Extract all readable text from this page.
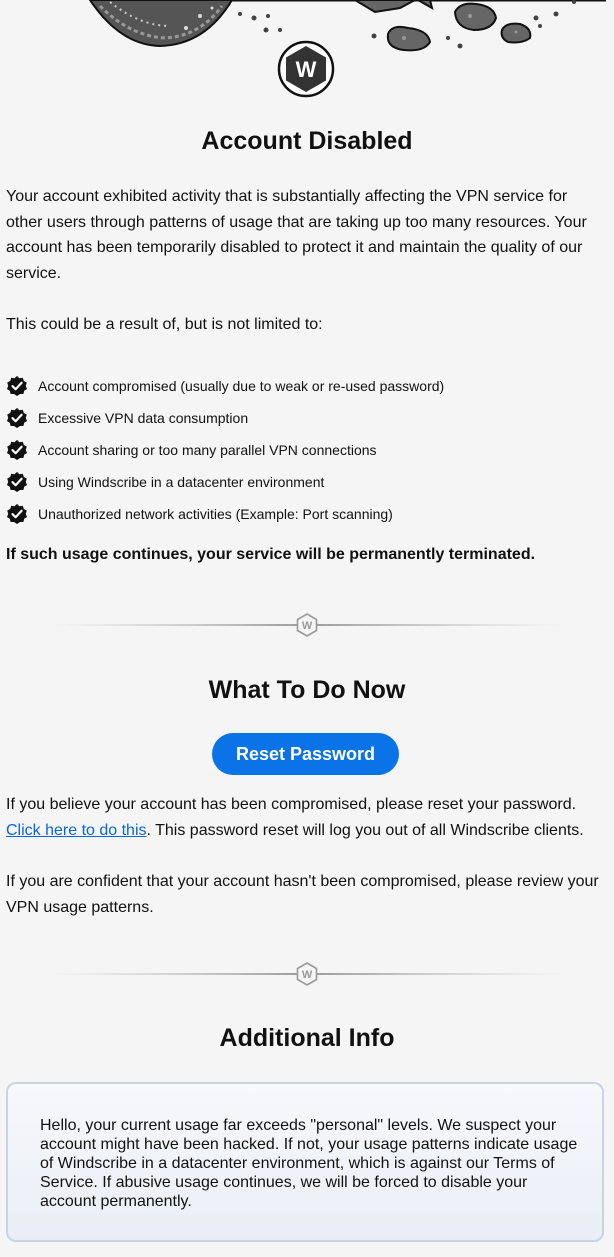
W
Account Disabled

Your account exhibited activity that is substantially affecting the VPN service for other users through patterns of usage that are taking up too many resources. Your account has been temporarily disabled to protect it and maintain the quality of our service.

This could be a result of, but is not limited to:

Account compromised (usually due to weak or re-used password)
Excessive VPN data consumption
Account sharing or too many parallel VPN connections
Using Windscribe in a datacenter environment
Unauthorized network activities (Example: Port scanning)

If such usage continues, your service will be permanently terminated.

W
What To Do Now
Reset Password

If you believe your account has been compromised, please reset your password.
Click here to do this. This password reset will log you out of all Windscribe clients.

If you are confident that your account hasn't been compromised, please review your VPN usage patterns.

W
Additional Info

Hello, your current usage far exceeds "personal" levels. We suspect your account might have been hacked. If not, your usage patterns indicate usage of Windscribe in a datacenter environment, which is against our Terms of Service. If abusive usage continues, we will be forced to disable your account permanently.
